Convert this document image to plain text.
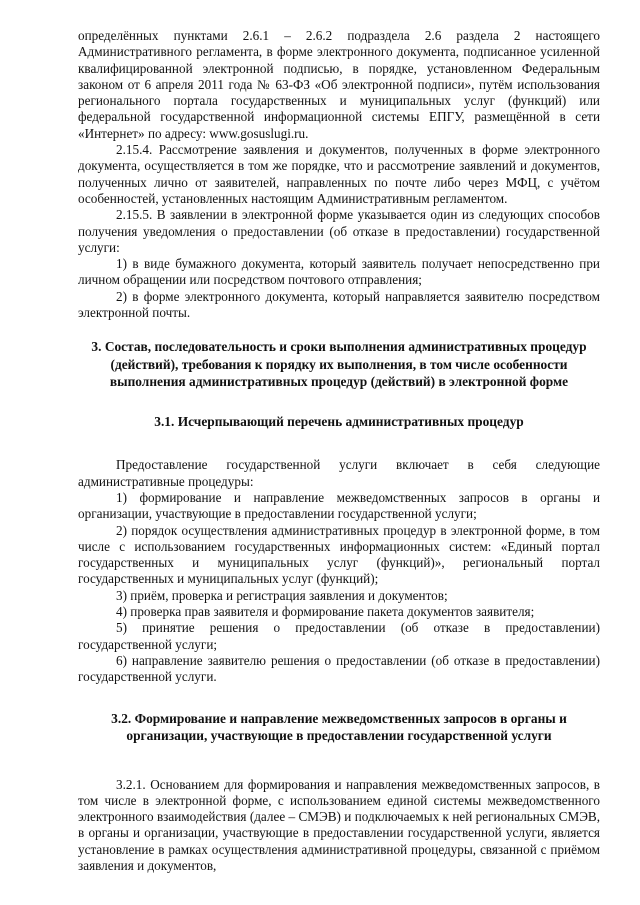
определённых пунктами 2.6.1 – 2.6.2 подраздела 2.6 раздела 2 настоящего Административного регламента, в форме электронного документа, подписанное усиленной квалифицированной электронной подписью, в порядке, установленном Федеральным законом от 6 апреля 2011 года № 63-ФЗ «Об электронной подписи», путём использования регионального портала государственных и муниципальных услуг (функций) или федеральной государственной информационной системы ЕПГУ, размещённой в сети «Интернет» по адресу: www.gosuslugi.ru.

2.15.4. Рассмотрение заявления и документов, полученных в форме электронного документа, осуществляется в том же порядке, что и рассмотрение заявлений и документов, полученных лично от заявителей, направленных по почте либо через МФЦ, с учётом особенностей, установленных настоящим Административным регламентом.

2.15.5. В заявлении в электронной форме указывается один из следующих способов получения уведомления о предоставлении (об отказе в предоставлении) государственной услуги:

1) в виде бумажного документа, который заявитель получает непосредственно при личном обращении или посредством почтового отправления;

2) в форме электронного документа, который направляется заявителю посредством электронной почты.

3. Состав, последовательность и сроки выполнения административных процедур (действий), требования к порядку их выполнения, в том числе особенности выполнения административных процедур (действий) в электронной форме

3.1. Исчерпывающий перечень административных процедур

Предоставление государственной услуги включает в себя следующие административные процедуры:

1) формирование и направление межведомственных запросов в органы и организации, участвующие в предоставлении государственной услуги;

2) порядок осуществления административных процедур в электронной форме, в том числе с использованием государственных информационных систем: «Единый портал государственных и муниципальных услуг (функций)», региональный портал государственных и муниципальных услуг (функций);

3) приём, проверка и регистрация заявления и документов;

4) проверка прав заявителя и формирование пакета документов заявителя;

5) принятие решения о предоставлении (об отказе в предоставлении) государственной услуги;

6) направление заявителю решения о предоставлении (об отказе в предоставлении) государственной услуги.

3.2. Формирование и направление межведомственных запросов в органы и организации, участвующие в предоставлении государственной услуги

3.2.1. Основанием для формирования и направления межведомственных запросов, в том числе в электронной форме, с использованием единой системы межведомственного электронного взаимодействия (далее – СМЭВ) и подключаемых к ней региональных СМЭВ, в органы и организации, участвующие в предоставлении государственной услуги, является установление в рамках осуществления административной процедуры, связанной с приёмом заявления и документов,
